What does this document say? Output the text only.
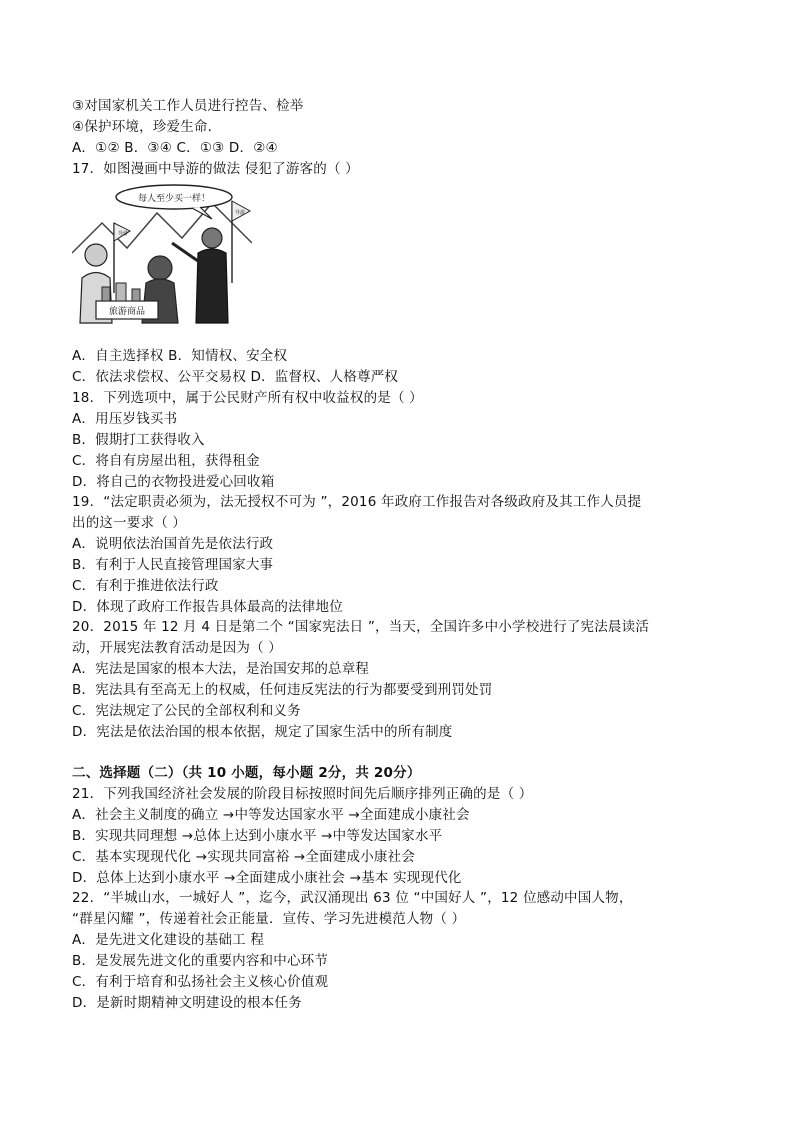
③对国家机关工作人员进行控告、检举
④保护环境，珍爱生命．
A．①② B．③④ C．①③ D．②④
17．如图漫画中导游的做法 侵犯了游客的（ ）
每人至少买一样！
导游
导游
旅游商品
A．自主选择权 B．知情权、安全权
C．依法求偿权、公平交易权 D．监督权、人格尊严权
18．下列选项中，属于公民财产所有权中收益权的是（ ）
A．用压岁钱买书
B．假期打工获得收入
C．将自有房屋出租，获得租金
D．将自己的衣物投进爱心回收箱
19．“法定职责必须为，法无授权不可为 ”，2016 年政府工作报告对各级政府及其工作人员提
出的这一要求（ ）
A．说明依法治国首先是依法行政
B．有利于人民直接管理国家大事
C．有利于推进依法行政
D．体现了政府工作报告具体最高的法律地位
20．2015 年 12 月 4 日是第二个 “国家宪法日 ”，当天，全国许多中小学校进行了宪法晨读活
动，开展宪法教育活动是因为（ ）
A．宪法是国家的根本大法，是治国安邦的总章程
B．宪法具有至高无上的权威，任何违反宪法的行为都要受到刑罚处罚
C．宪法规定了公民的全部权利和义务
D．宪法是依法治国的根本依据，规定了国家生活中的所有制度
二、选择题（二）（共 10 小题，每小题 2分，共 20分）
21．下列我国经济社会发展的阶段目标按照时间先后顺序排列正确的是（ ）
A．社会主义制度的确立 →中等发达国家水平 →全面建成小康社会
B．实现共同理想 →总体上达到小康水平 →中等发达国家水平
C．基本实现现代化 →实现共同富裕 →全面建成小康社会
D．总体上达到小康水平 →全面建成小康社会 →基本 实现现代化
22．“半城山水，一城好人 ”，迄今，武汉涌现出 63 位 “中国好人 ”，12 位感动中国人物，
“群星闪耀 ”，传递着社会正能量．宣传、学习先进模范人物（ ）
A．是先进文化建设的基础工 程
B．是发展先进文化的重要内容和中心环节
C．有利于培育和弘扬社会主义核心价值观
D．是新时期精神文明建设的根本任务
